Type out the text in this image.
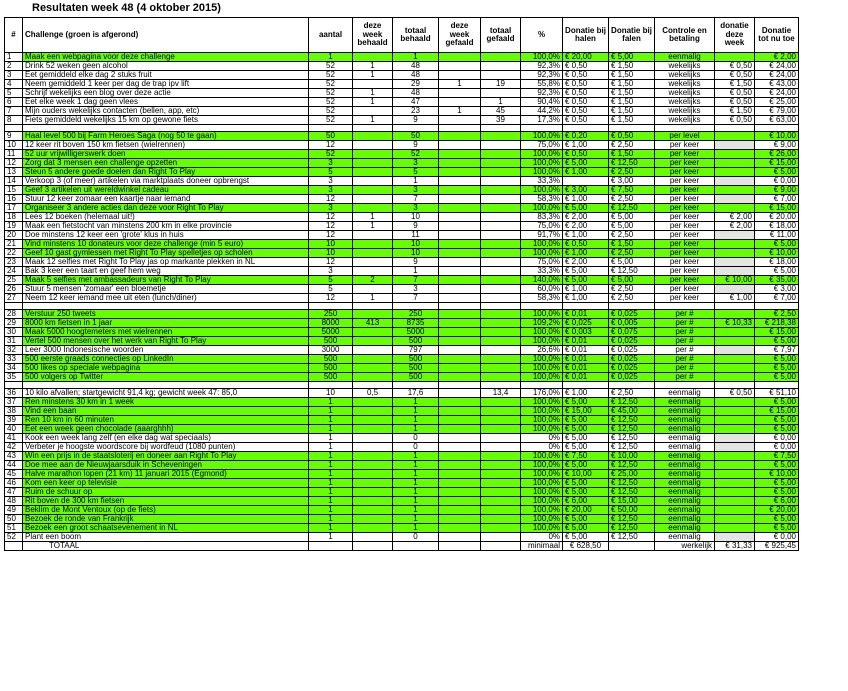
Resultaten week 48 (4 oktober 2015)
#	Challenge (groen is afgerond)	aantal	deze week behaald	totaal behaald	deze week gefaald	totaal gefaald	%	Donatie bij halen	Donatie bij falen	Controle en betaling	donatie deze week	Donatie tot nu toe
1	Maak een webpagina voor deze challenge	1		1			100,0%	€ 20,00	€ 5,00	eenmalig		€ 2,00
2	Drink 52 weken geen alcohol	52	1	48			92,3%	€ 0,50	€ 1,50	wekelijks	€ 0,50	€ 24,00
3	Eet gemiddeld elke dag 2 stuks fruit	52	1	48			92,3%	€ 0,50	€ 1,50	wekelijks	€ 0,50	€ 24,00
4	Neem gemiddeld 1 keer per dag de trap ipv lift	52		29	1	19	55,8%	€ 0,50	€ 1,50	wekelijks	€ 1,50	€ 43,00
5	Schrijf wekelijks een blog over deze actie	52	1	48			92,3%	€ 0,50	€ 1,50	wekelijks	€ 0,50	€ 24,00
6	Eet elke week 1 dag geen vlees	52	1	47		1	90,4%	€ 0,50	€ 1,50	wekelijks	€ 0,50	€ 25,00
7	Mijn ouders wekelijks contacten (bellen, app, etc)	52		23	1	45	44,2%	€ 0,50	€ 1,50	wekelijks	€ 1,50	€ 79,00
8	Fiets gemiddeld wekelijks 15 km op gewone fiets	52	1	9		39	17,3%	€ 0,50	€ 1,50	wekelijks	€ 0,50	€ 63,00

9	Haal level 500 bij Farm Heroes Saga (nog 50 te gaan)	50		50			100,0%	€ 0,20	€ 0,50	per level		€ 10,00
10	12 keer rit boven 150 km fietsen (wielrennen)	12		9			75,0%	€ 1,00	€ 2,50	per keer		€ 9,00
11	52 uur vrijwilligerswerk doen	52		52			100,0%	€ 0,50	€ 1,50	per keer		€ 26,00
12	Zorg dat 3 mensen een challenge opzetten	3		3			100,0%	€ 5,00	€ 12,50	per keer		€ 15,00
13	Steun 5 andere goede doelen dan Right To Play	5		5			100,0%	€ 1,00	€ 2,50	per keer		€ 5,00
14	Verkoop 3 (of meer) artikelen via marktplaats doneer opbrengst	3		1			33,3%		€ 3,00	per keer		€ 0,00
15	Geef 3 artikelen uit wereldwinkel cadeau	3		3			100,0%	€ 3,00	€ 7,50	per keer		€ 9,00
16	Stuur 12 keer zomaar een kaartje naar iemand	12		7			58,3%	€ 1,00	€ 2,50	per keer		€ 7,00
17	Organiseer 3 andere acties dan deze voor Right To Play	3		3			100,0%	€ 5,00	€ 12,50	per keer		€ 15,00
18	Lees 12 boeken (helemaal uit!)	12	1	10			83,3%	€ 2,00	€ 5,00	per keer	€ 2,00	€ 20,00
19	Maak een fietstocht van minstens 200 km in elke provincie	12	1	9			75,0%	€ 2,00	€ 5,00	per keer	€ 2,00	€ 18,00
20	Doe minstens 12 keer een 'grote' klus in huis	12		11			91,7%	€ 1,00	€ 2,50	per keer		€ 11,00
21	Vind minstens 10 donateurs voor deze challenge (min 5 euro)	10		10			100,0%	€ 0,50	€ 1,50	per keer		€ 5,00
22	Geef 10 gast gymlessen met Right To Play spelletjes op scholen	10		10			100,0%	€ 1,00	€ 2,50	per keer		€ 10,00
23	Maak 12 selfies met Right To Play jas op markante plekken in NL	12		9			75,0%	€ 2,00	€ 5,00	per keer		€ 18,00
24	Bak 3 keer een taart en geef hem weg	3		1			33,3%	€ 5,00	€ 12,50	per keer		€ 5,00
25	Maak 5 selfies met ambassadeurs van Right To Play	5	2	7			140,0%	€ 5,00	€ 5,00	per keer	€ 10,00	€ 35,00
26	Stuur 5 mensen 'zomaar' een bloemetje	5		3			60,0%	€ 1,00	€ 2,50	per keer		€ 3,00
27	Neem 12 keer iemand mee uit eten (lunch/diner)	12	1	7			58,3%	€ 1,00	€ 2,50	per keer	€ 1,00	€ 7,00

28	Verstuur 250 tweets	250		250			100,0%	€ 0,01	€ 0,025	per #		€ 2,50
29	8000 km fietsen in 1 jaar	8000	413	8735			109,2%	€ 0,025	€ 0,005	per #	€ 10,33	€ 218,38
30	Maak 5000 hoogtemeters met wielrennen	5000		5000			100,0%	€ 0,003	€ 0,075	per #		€ 15,00
31	Vertel 500 mensen over het werk van Right To Play	500		500			100,0%	€ 0,01	€ 0,025	per #		€ 5,00
32	Leer 3000 Indonesische woorden	3000		797			26,6%	€ 0,01	€ 0,025	per #		€ 7,97
33	500 eerste graads connecties op LinkedIn	500		500			100,0%	€ 0,01	€ 0,025	per #		€ 5,00
34	500 likes op speciale webpagina	500		500			100,0%	€ 0,01	€ 0,025	per #		€ 5,00
35	500 volgers op Twitter	500		500			100,0%	€ 0,01	€ 0,025	per #		€ 5,00

36	10 kilo afvallen; startgewicht 91,4 kg; gewicht week 47: 85,0	10	0,5	17,6		13,4	176,0%	€ 1,00	€ 2,50	eenmalig	€ 0,50	€ 51,10
37	Ren minstens 30 km in 1 week	1		1			100,0%	€ 5,00	€ 12,50	eenmalig		€ 5,00
38	Vind een baan	1		1			100,0%	€ 15,00	€ 45,00	eenmalig		€ 15,00
39	Ren 10 km in 60 minuten	1		1			100,0%	€ 5,00	€ 12,50	eenmalig		€ 5,00
40	Eet een week geen chocolade (aaarghhh)	1		1			100,0%	€ 5,00	€ 12,50	eenmalig		€ 5,00
41	Kook een week lang zelf (en elke dag wat speciaals)	1		0			0%	€ 5,00	€ 12,50	eenmalig		€ 0,00
42	Verbeter je hoogste woordscore bij wordfeud (1080 punten)	1		0			0%	€ 5,00	€ 12,50	eenmalig		€ 0,00
43	Win een prijs in de staatsloterij en doneer aan Right To Play	1		1			100,0%	€ 7,50	€ 10,00	eenmalig		€ 7,50
44	Doe mee aan de Nieuwjaarsduik in Scheveningen	1		1			100,0%	€ 5,00	€ 12,50	eenmalig		€ 5,00
45	Halve marathon lopen (21 km) 11 januari 2015 (Egmond)	1		1			100,0%	€ 10,00	€ 25,00	eenmalig		€ 10,00
46	Kom een keer op televisie	1		1			100,0%	€ 5,00	€ 12,50	eenmalig		€ 5,00
47	Ruim de schuur op	1		1			100,0%	€ 5,00	€ 12,50	eenmalig		€ 5,00
48	Rit boven de 300 km fietsen	1		1			100,0%	€ 6,00	€ 15,00	eenmalig		€ 6,00
49	Beklim de Mont Ventoux (op de fiets)	1		1			100,0%	€ 20,00	€ 50,00	eenmalig		€ 20,00
50	Bezoek de ronde van Frankrijk	1		1			100,0%	€ 5,00	€ 12,50	eenmalig		€ 5,00
51	Bezoek een groot schaatsevenement in NL	1		1			100,0%	€ 5,00	€ 12,50	eenmalig		€ 5,00
52	Plant een boom	1		0			0%	€ 5,00	€ 12,50	eenmalig		€ 0,00
	TOTAAL						minimaal	€ 628,50		werkelijk	€ 31,33	€ 925,45
